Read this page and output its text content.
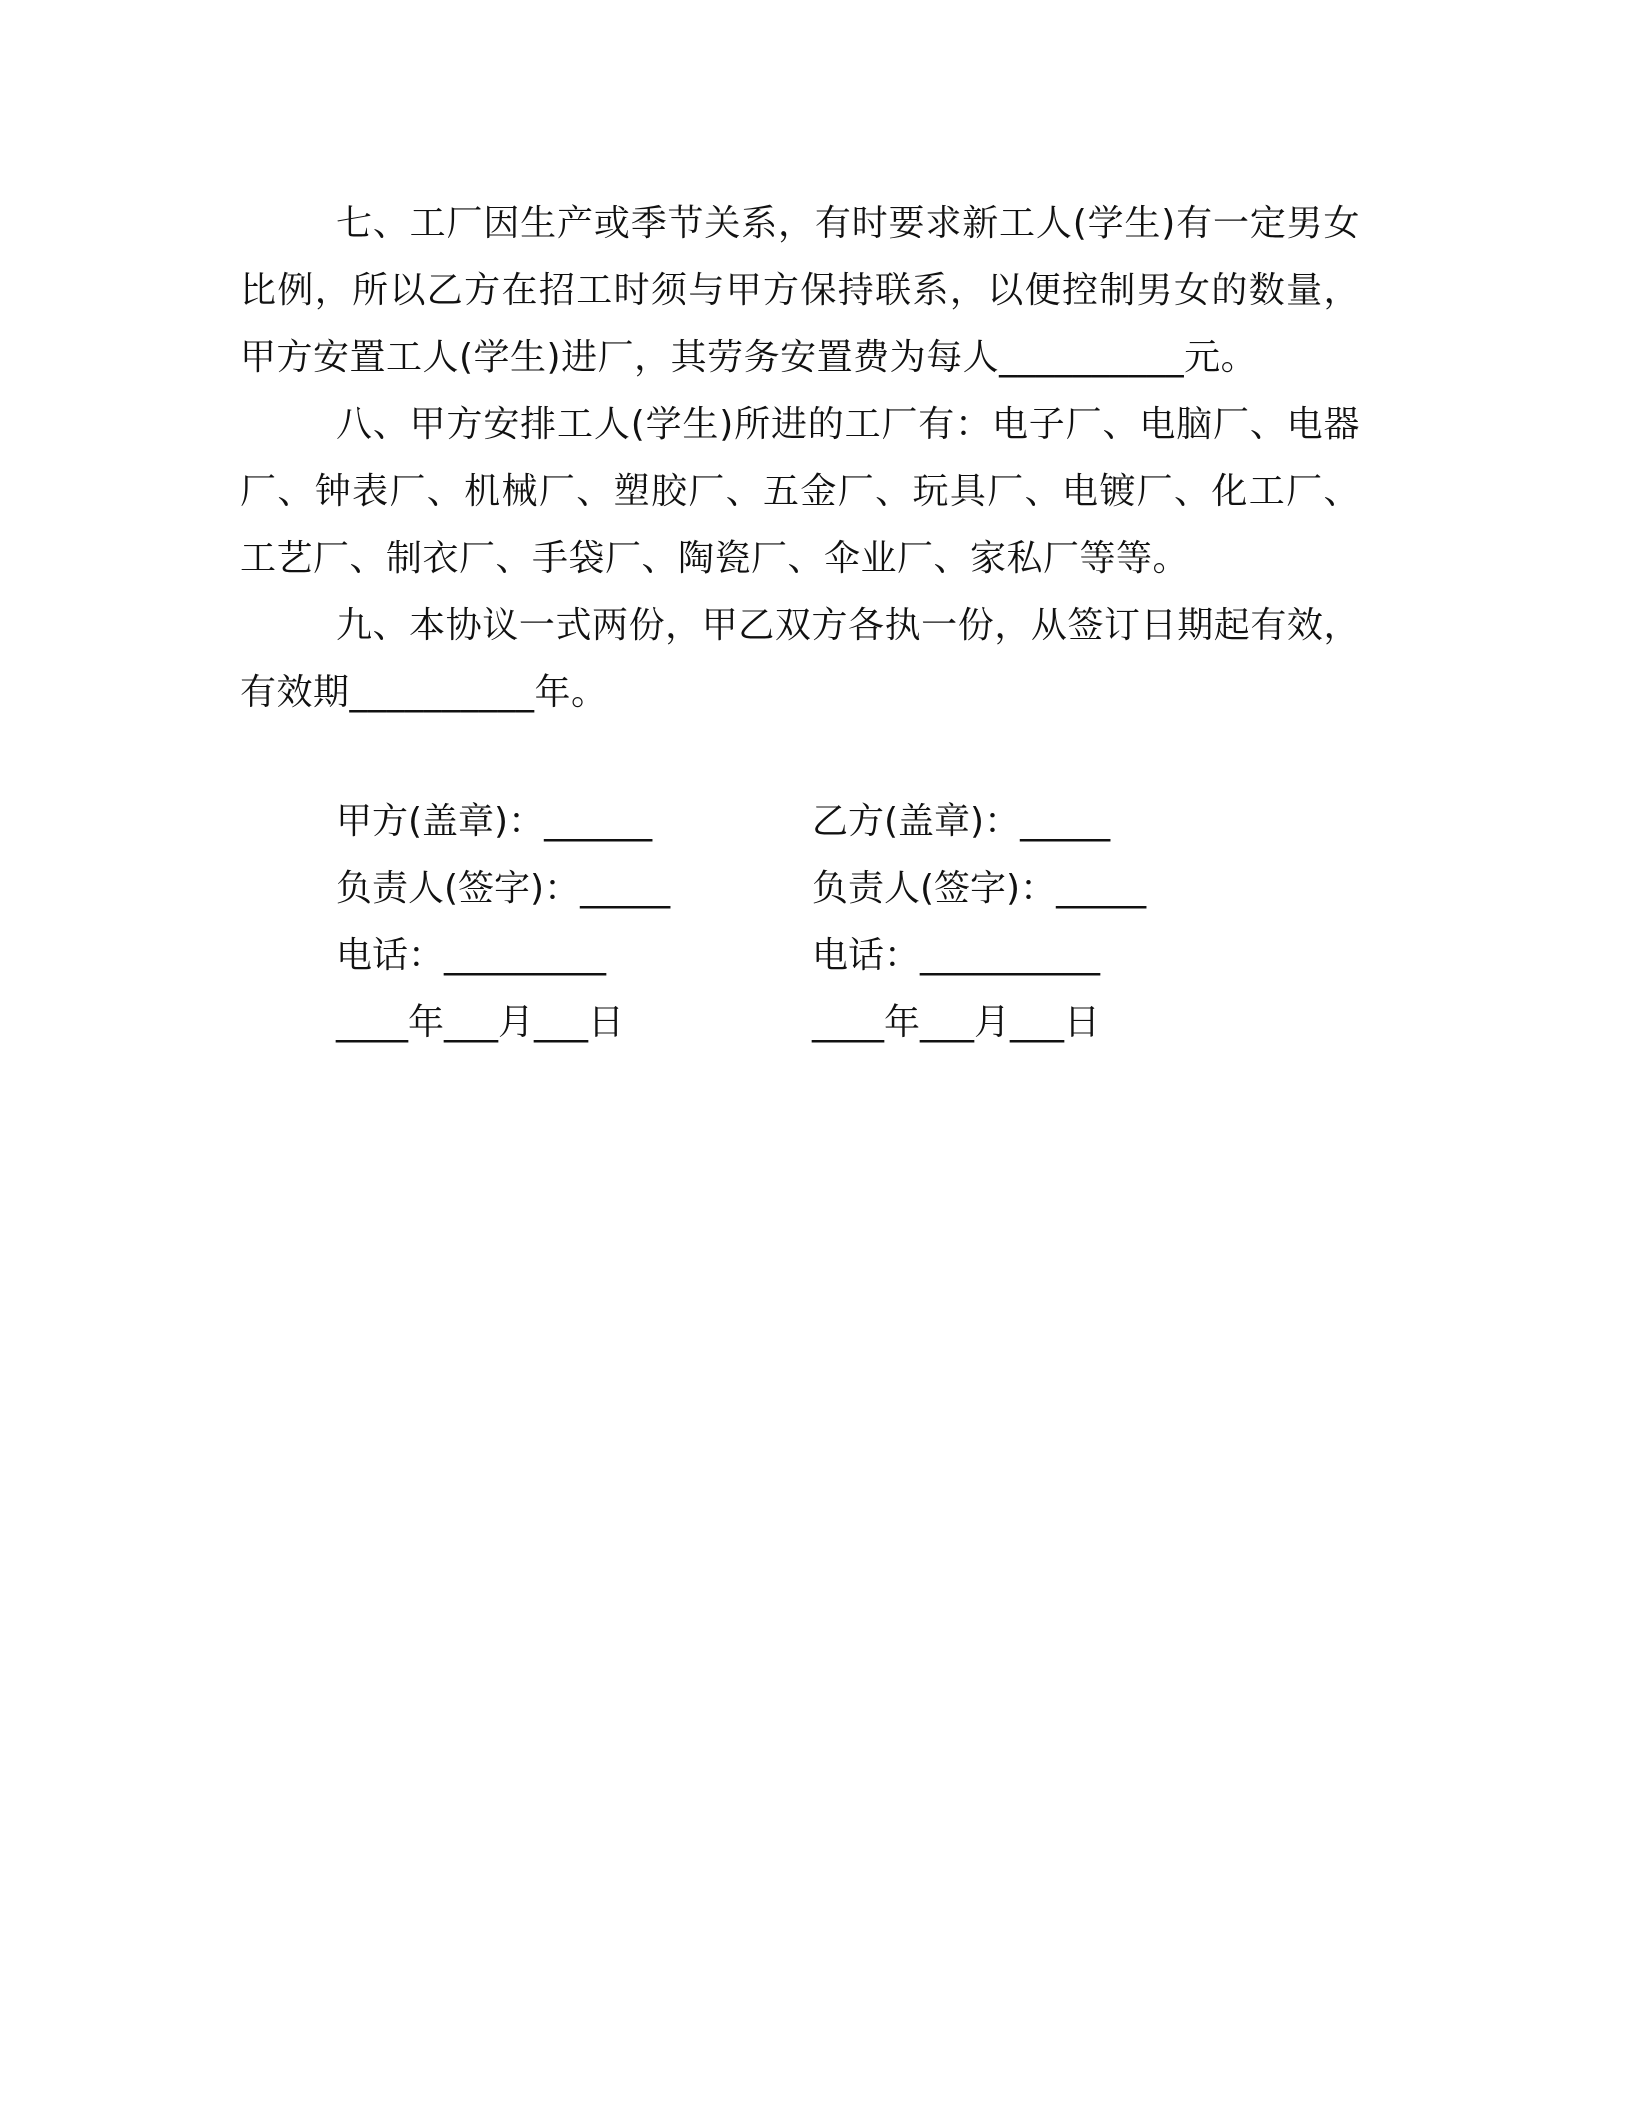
七、工厂因生产或季节关系，有时要求新工人(学生)有一定男女比例，所以乙方在招工时须与甲方保持联系，以便控制男女的数量，甲方安置工人(学生)进厂，其劳务安置费为每人__________元。

八、甲方安排工人(学生)所进的工厂有：电子厂、电脑厂、电器厂、钟表厂、机械厂、塑胶厂、五金厂、玩具厂、电镀厂、化工厂、工艺厂、制衣厂、手袋厂、陶瓷厂、伞业厂、家私厂等等。

九、本协议一式两份，甲乙双方各执一份，从签订日期起有效，有效期__________年。

甲方(盖章)：______
负责人(签字)：_____
电话：_________
____年___月___日
乙方(盖章)：_____
负责人(签字)：_____
电话：__________
____年___月___日
